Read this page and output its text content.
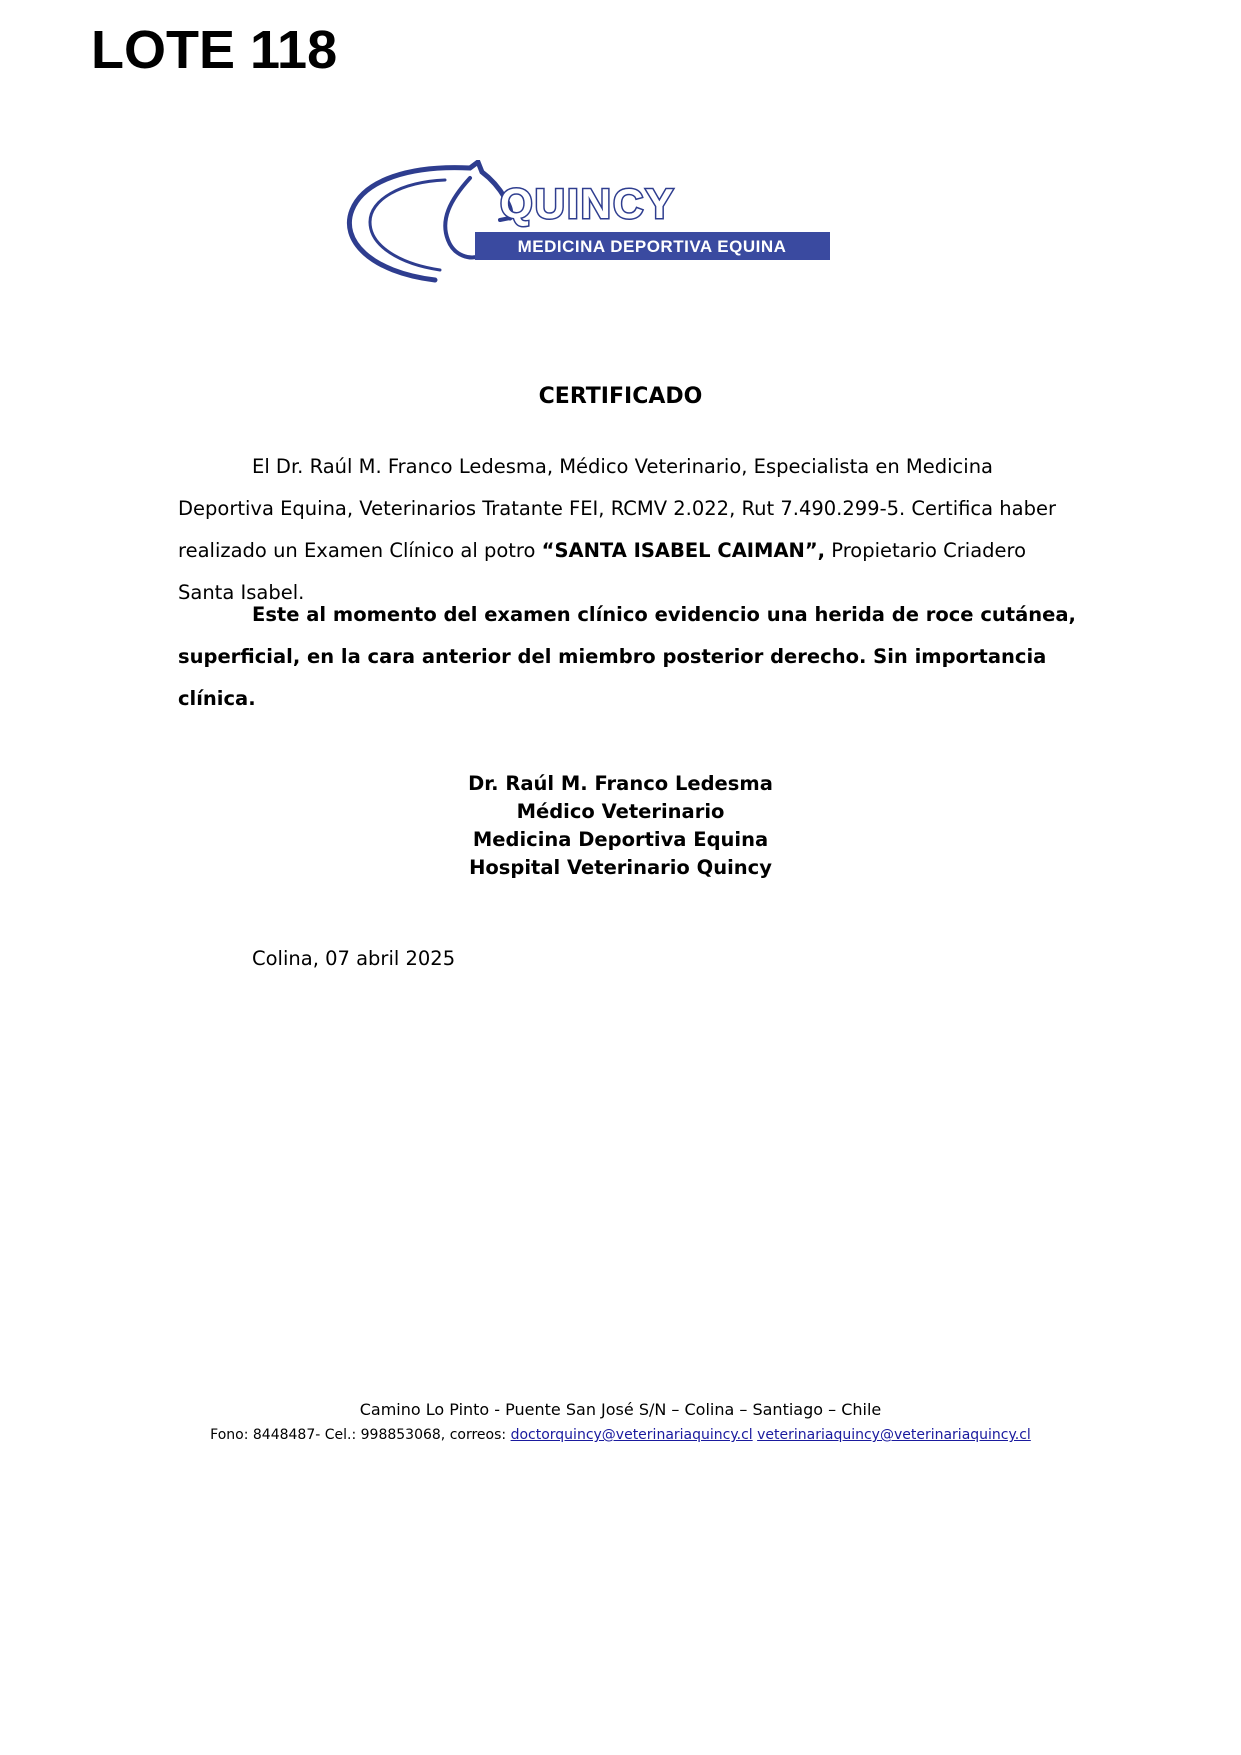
LOTE 118
QUINCY
MEDICINA DEPORTIVA EQUINA
CERTIFICADO
El Dr. Raúl M. Franco Ledesma, Médico Veterinario, Especialista en Medicina Deportiva Equina, Veterinarios Tratante FEI, RCMV 2.022, Rut 7.490.299-5. Certifica haber realizado un Examen Clínico al potro “SANTA ISABEL CAIMAN”, Propietario Criadero Santa Isabel.
Este al momento del examen clínico evidencio una herida de roce cutánea, superficial, en la cara anterior del miembro posterior derecho. Sin importancia clínica.
Dr. Raúl M. Franco Ledesma
Médico Veterinario
Medicina Deportiva Equina
Hospital Veterinario Quincy
Colina, 07 abril 2025
Camino Lo Pinto - Puente San José S/N – Colina – Santiago – Chile
Fono: 8448487- Cel.: 998853068, correos: doctorquincy@veterinariaquincy.cl veterinariaquincy@veterinariaquincy.cl
